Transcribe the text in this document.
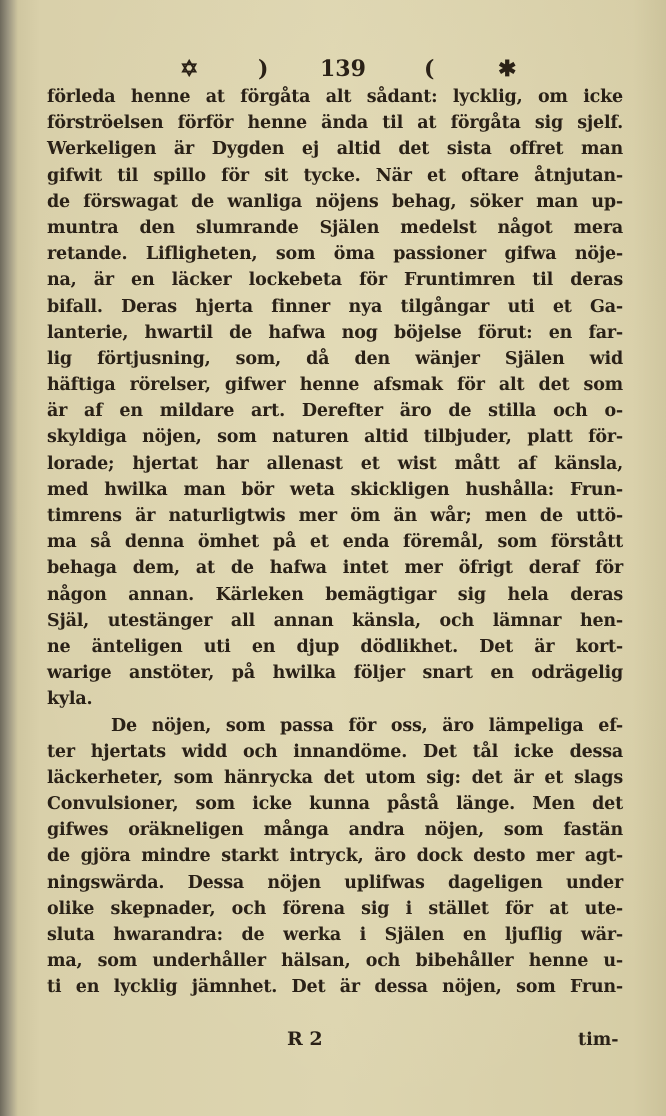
✡	) 139	(	✱
förleda henne at förgåta alt sådant: lycklig, om icke
förströelsen förför henne ända til at förgåta sig sjelf.
Werkeligen är Dygden ej altid det sista offret man
gifwit til spillo för sit tycke. När et oftare åtnjutan-
de förswagat de wanliga nöjens behag, söker man up-
muntra den slumrande Själen medelst något mera
retande. Lifligheten, som öma passioner gifwa nöje-
na, är en läcker lockebeta för Fruntimren til deras
bifall. Deras hjerta finner nya tilgångar uti et Ga-
lanterie, hwartil de hafwa nog böjelse förut: en far-
lig förtjusning, som, då den wänjer Själen wid
häftiga rörelser, gifwer henne afsmak för alt det som
är af en mildare art. Derefter äro de stilla och o-
skyldiga nöjen, som naturen altid tilbjuder, platt för-
lorade; hjertat har allenast et wist mått af känsla,
med hwilka man bör weta skickligen hushålla: Frun-
timrens är naturligtwis mer öm än wår; men de uttö-
ma så denna ömhet på et enda föremål, som förstått
behaga dem, at de hafwa intet mer öfrigt deraf för
någon annan. Kärleken bemägtigar sig hela deras
Själ, utestänger all annan känsla, och lämnar hen-
ne änteligen uti en djup dödlikhet. Det är kort-
warige anstöter, på hwilka följer snart en odrägelig
kyla.
De nöjen, som passa för oss, äro lämpeliga ef-
ter hjertats widd och innandöme. Det tål icke dessa
läckerheter, som hänrycka det utom sig: det är et slags
Convulsioner, som icke kunna påstå länge. Men det
gifwes oräkneligen många andra nöjen, som fastän
de gjöra mindre starkt intryck, äro dock desto mer agt-
ningswärda. Dessa nöjen uplifwas dageligen under
olike skepnader, och förena sig i stället för at ute-
sluta hwarandra: de werka i Själen en ljuflig wär-
ma, som underhåller hälsan, och bibehåller henne u-
ti en lycklig jämnhet. Det är dessa nöjen, som Frun-
R 2	tim-
